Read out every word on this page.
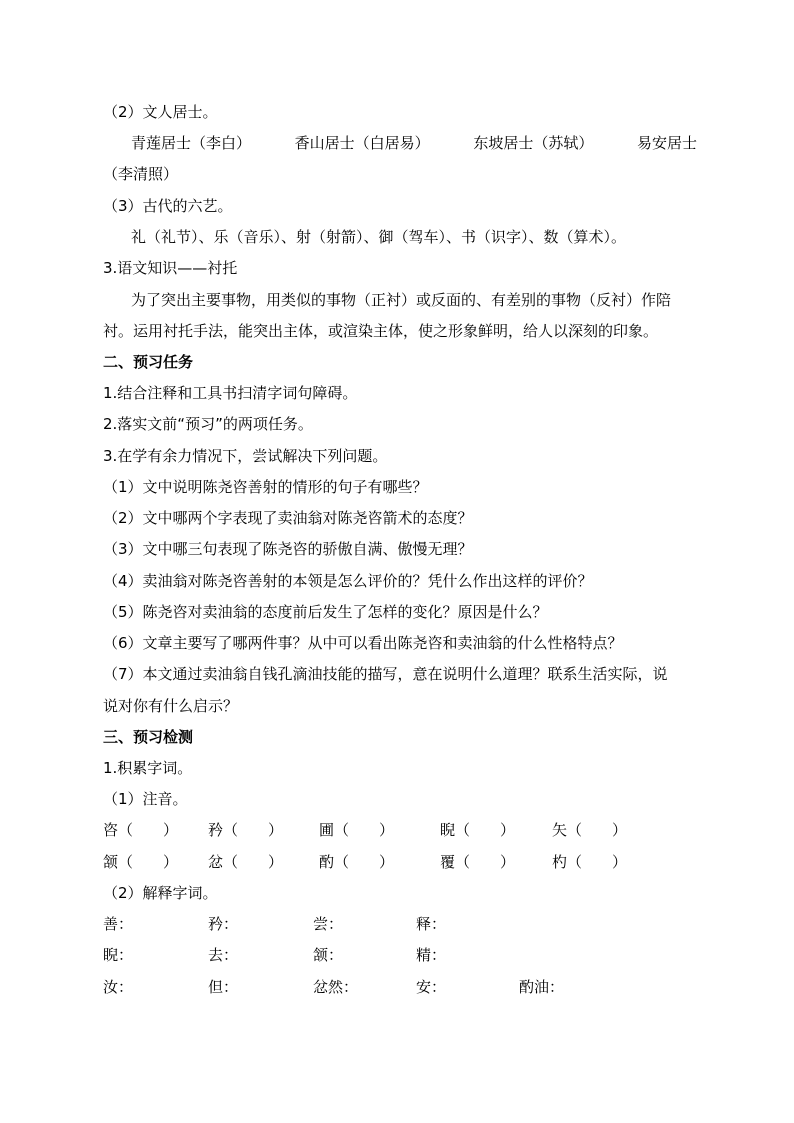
（2）文人居士。
青莲居士（李白）	香山居士（白居易）	东坡居士（苏轼）	易安居士
（李清照）
（3）古代的六艺。
礼（礼节）、乐（音乐）、射（射箭）、御（驾车）、书（识字）、数（算术）。
3.语文知识——衬托
为了突出主要事物，用类似的事物（正衬）或反面的、有差别的事物（反衬）作陪
衬。运用衬托手法，能突出主体，或渲染主体，使之形象鲜明，给人以深刻的印象。
二、预习任务
1.结合注释和工具书扫清字词句障碍。
2.落实文前“预习”的两项任务。
3.在学有余力情况下，尝试解决下列问题。
（1）文中说明陈尧咨善射的情形的句子有哪些？
（2）文中哪两个字表现了卖油翁对陈尧咨箭术的态度？
（3）文中哪三句表现了陈尧咨的骄傲自满、傲慢无理？
（4）卖油翁对陈尧咨善射的本领是怎么评价的？凭什么作出这样的评价？
（5）陈尧咨对卖油翁的态度前后发生了怎样的变化？原因是什么？
（6）文章主要写了哪两件事？从中可以看出陈尧咨和卖油翁的什么性格特点？
（7）本文通过卖油翁自钱孔滴油技能的描写，意在说明什么道理？联系生活实际，说
说对你有什么启示？
三、预习检测
1.积累字词。
（1）注音。
咨（　　） 矜（　　） 圃（　　）	睨（　　） 矢（　　）
颔（　　） 忿（　　） 酌（　　）	覆（　　） 杓（　　）
（2）解释字词。
善：	矜：	尝：	释：
睨：	去：	颔：	精：
汝：	但：	忿然：	安：	酌油：
